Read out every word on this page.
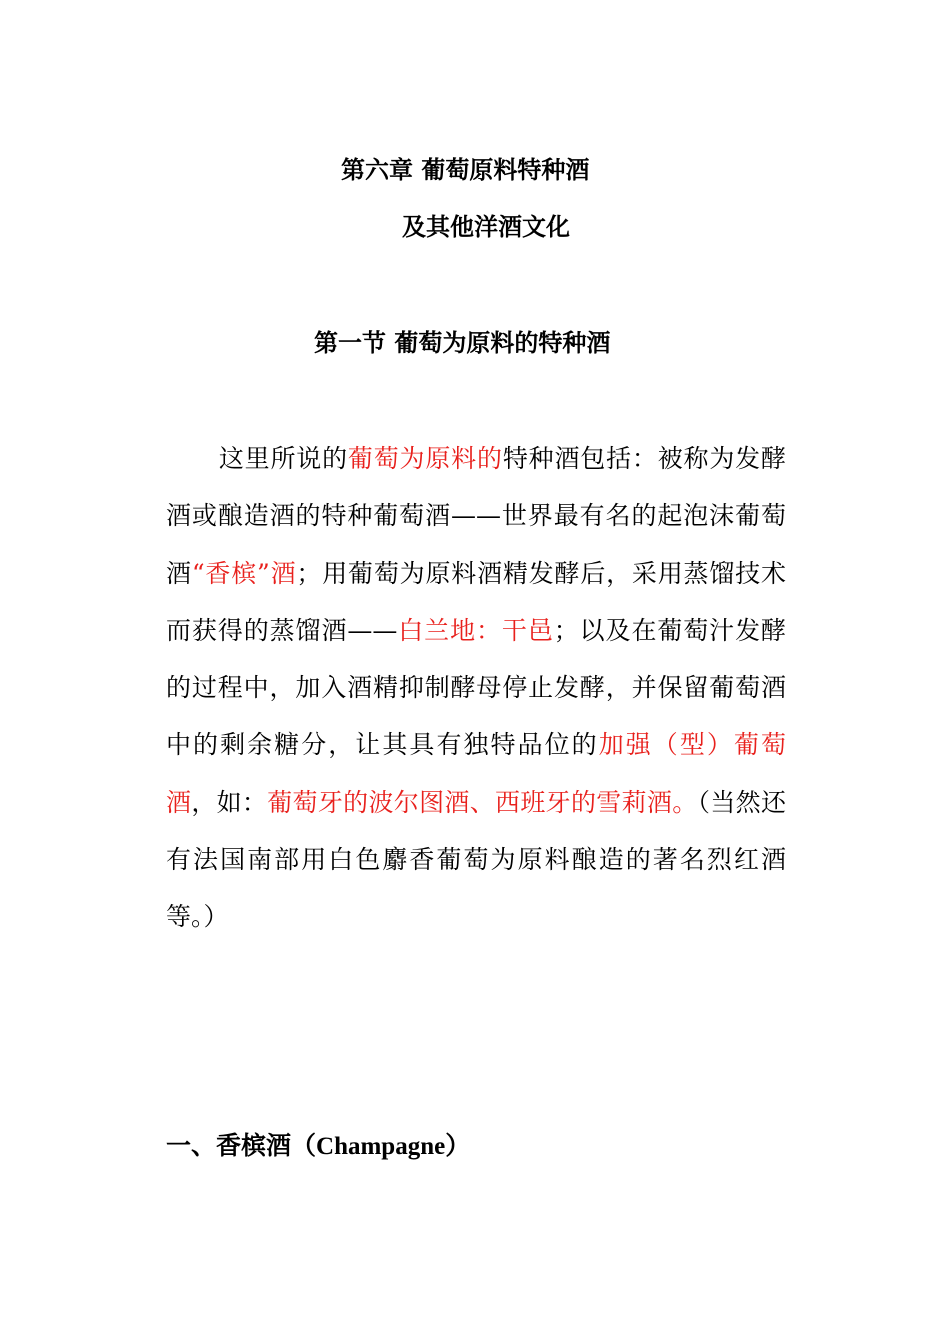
第六章 葡萄原料特种酒
及其他洋酒文化
第一节 葡萄为原料的特种酒
这里所说的葡萄为原料的特种酒包括：被称为发酵酒或酿造酒的特种葡萄酒——世界最有名的起泡沫葡萄酒“香槟”酒；用葡萄为原料酒精发酵后，采用蒸馏技术而获得的蒸馏酒——白兰地：干邑；以及在葡萄汁发酵的过程中，加入酒精抑制酵母停止发酵，并保留葡萄酒中的剩余糖分，让其具有独特品位的加强（型）葡萄酒，如：葡萄牙的波尔图酒、西班牙的雪莉酒。（当然还有法国南部用白色麝香葡萄为原料酿造的著名烈红酒等。）
一、香槟酒（Champagne）
